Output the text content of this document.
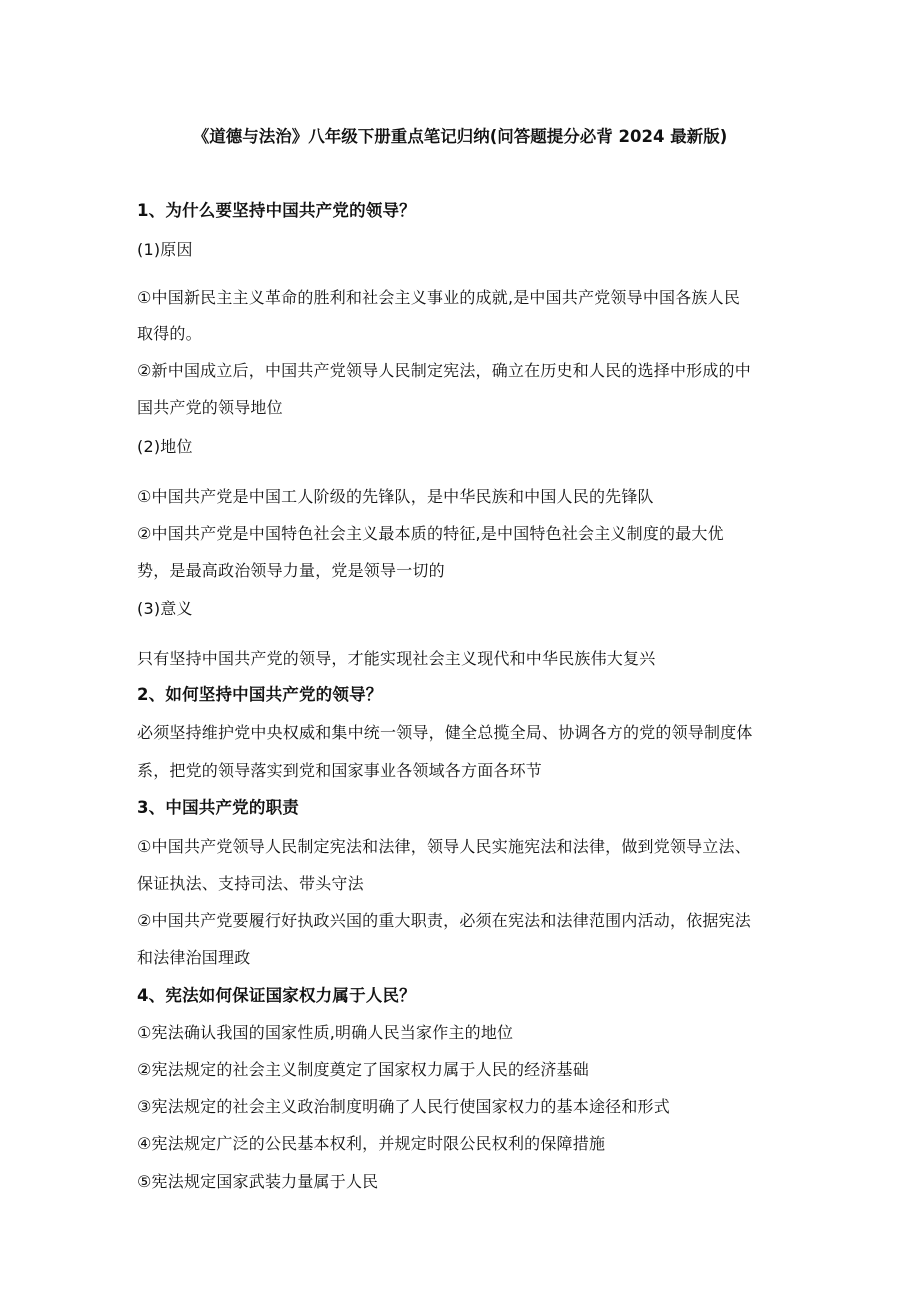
《道德与法治》八年级下册重点笔记归纳(问答题提分必背 2024 最新版)
1、为什么要坚持中国共产党的领导？
(1)原因
①中国新民主主义革命的胜利和社会主义事业的成就,是中国共产党领导中国各族人民
取得的。
②新中国成立后，中国共产党领导人民制定宪法，确立在历史和人民的选择中形成的中
国共产党的领导地位
(2)地位
①中国共产党是中国工人阶级的先锋队，是中华民族和中国人民的先锋队
②中国共产党是中国特色社会主义最本质的特征,是中国特色社会主义制度的最大优
势，是最高政治领导力量，党是领导一切的
(3)意义
只有坚持中国共产党的领导，才能实现社会主义现代和中华民族伟大复兴
2、如何坚持中国共产党的领导？
必须坚持维护党中央权威和集中统一领导，健全总揽全局、协调各方的党的领导制度体
系，把党的领导落实到党和国家事业各领域各方面各环节
3、中国共产党的职责
①中国共产党领导人民制定宪法和法律，领导人民实施宪法和法律，做到党领导立法、
保证执法、支持司法、带头守法
②中国共产党要履行好执政兴国的重大职责，必须在宪法和法律范围内活动，依据宪法
和法律治国理政
4、宪法如何保证国家权力属于人民？
①宪法确认我国的国家性质,明确人民当家作主的地位
②宪法规定的社会主义制度奠定了国家权力属于人民的经济基础
③宪法规定的社会主义政治制度明确了人民行使国家权力的基本途径和形式
④宪法规定广泛的公民基本权利，并规定时限公民权利的保障措施
⑤宪法规定国家武装力量属于人民
